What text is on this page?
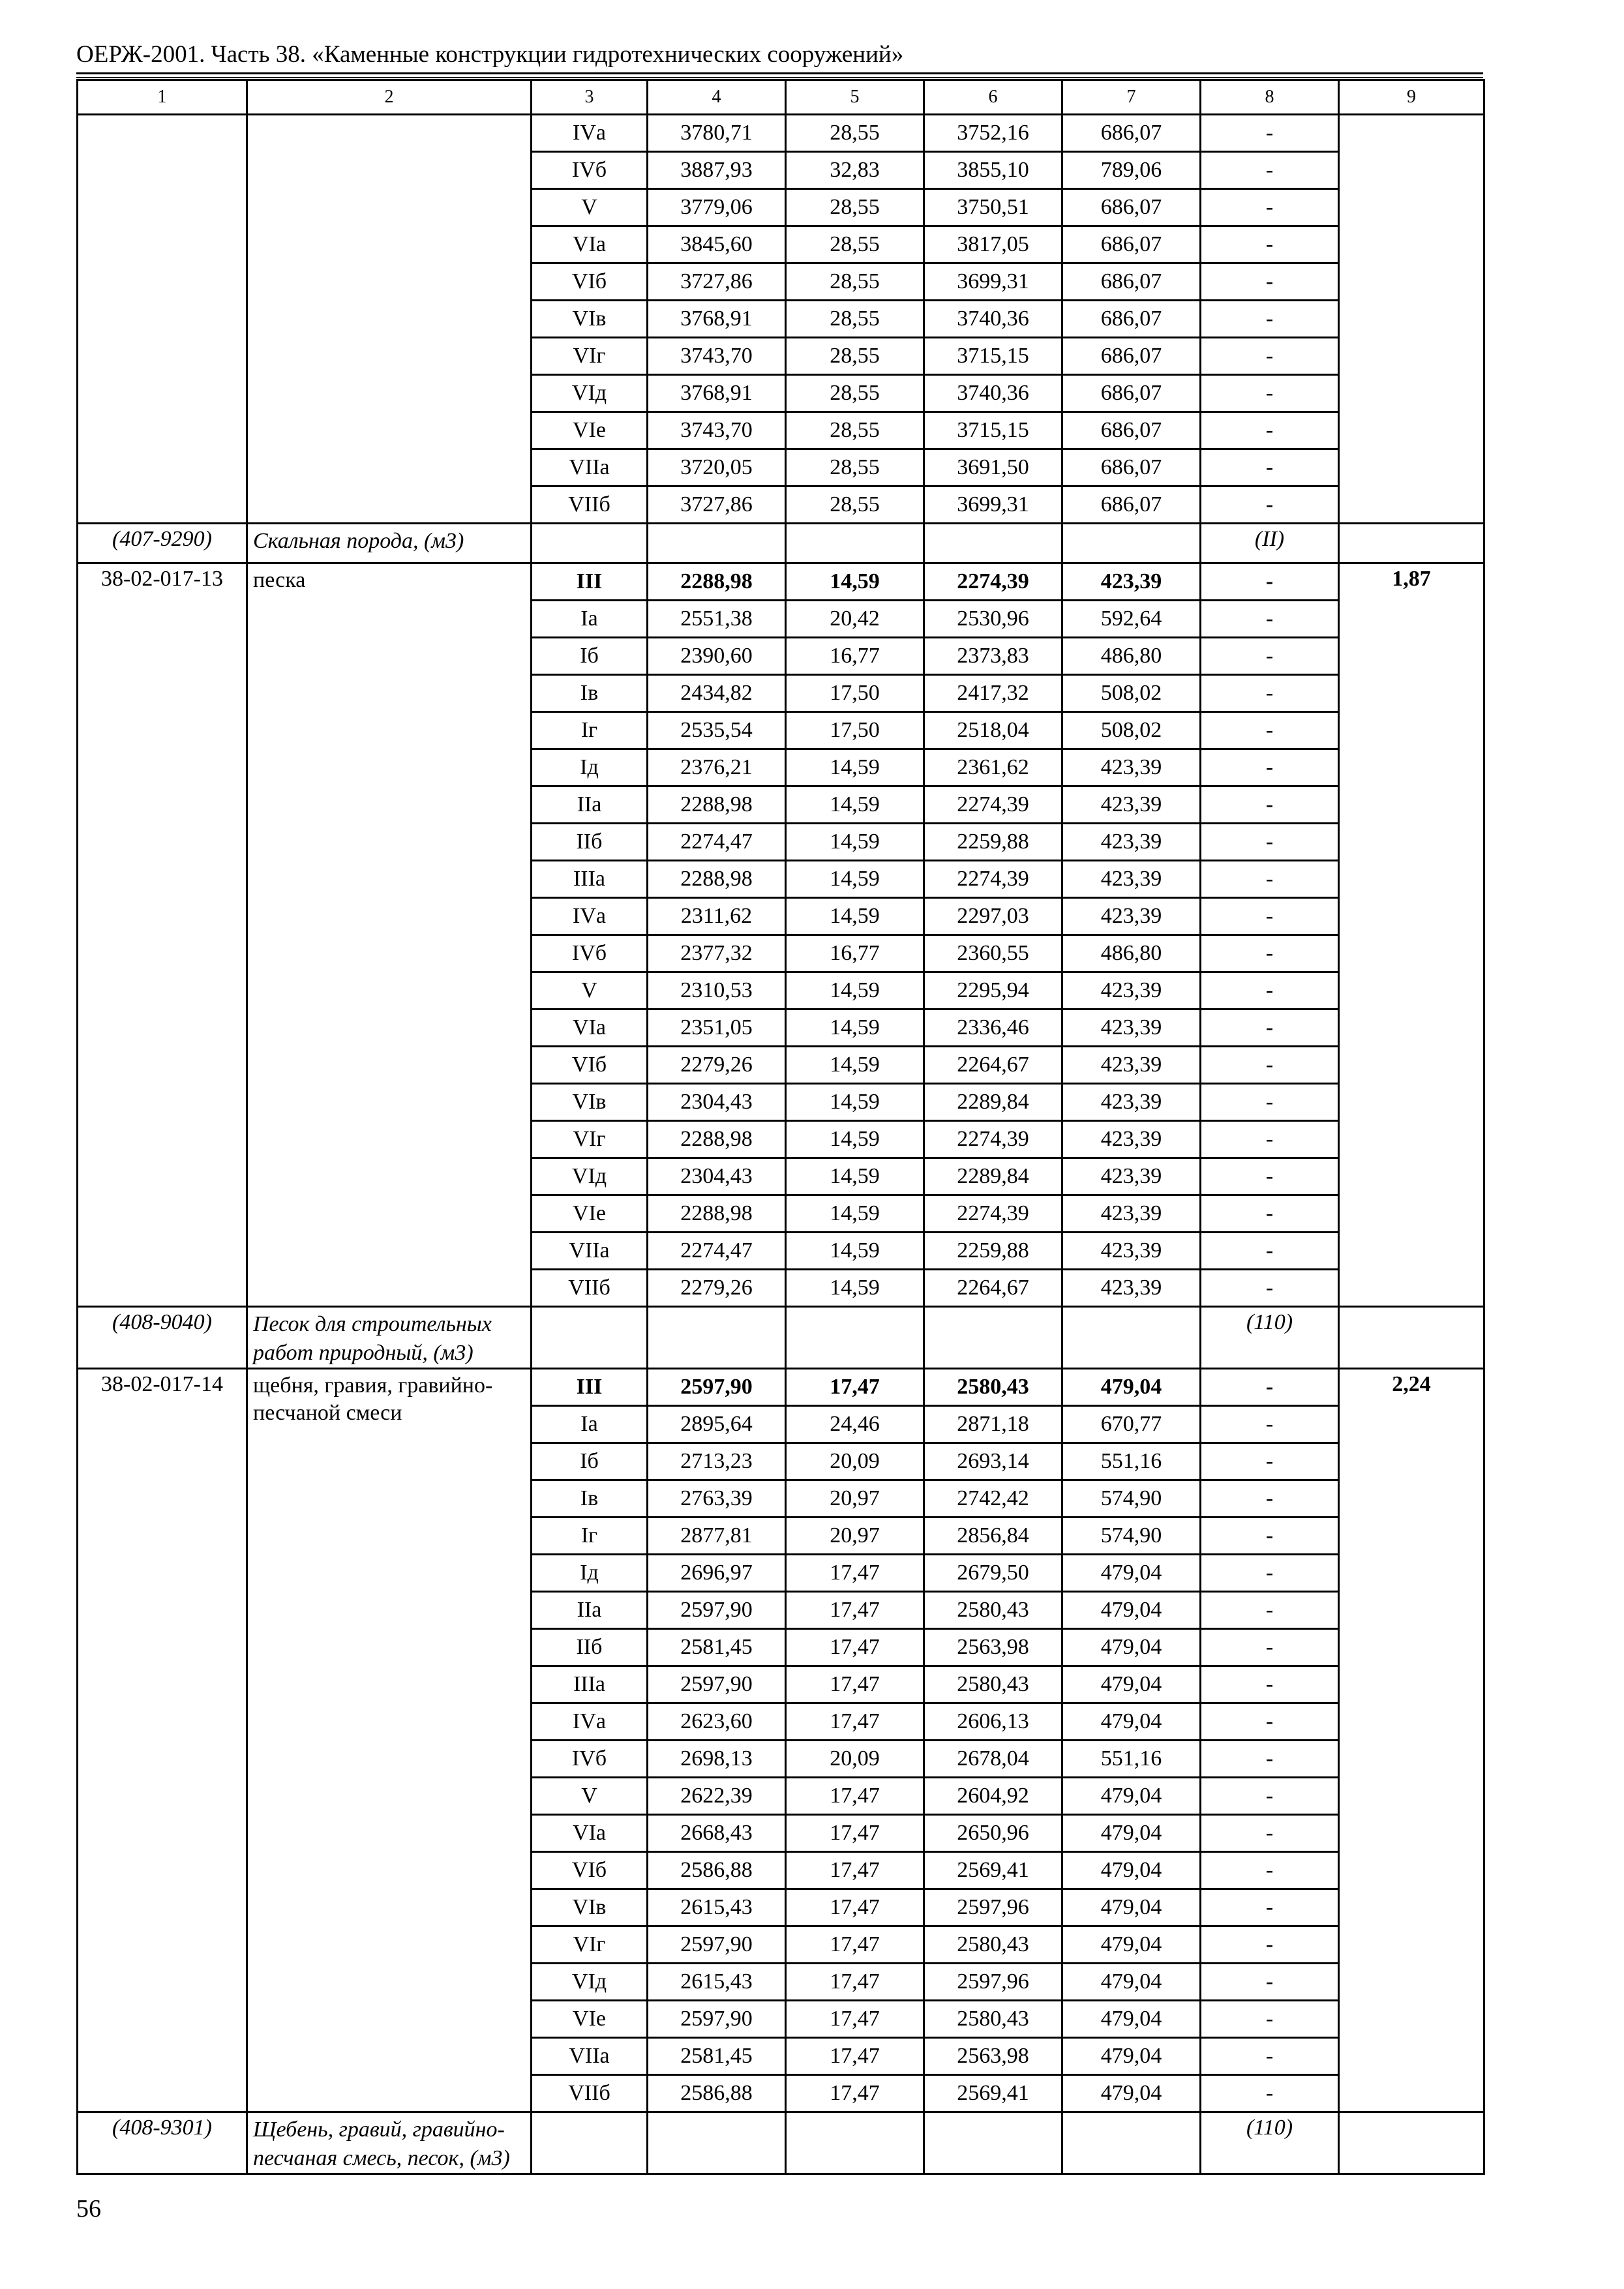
ОЕРЖ-2001. Часть 38. «Каменные конструкции гидротехнических сооружений»
1	2	3	4	5	6	7	8	9
		IVа	3780,71	28,55	3752,16	686,07	-	
		IVб	3887,93	32,83	3855,10	789,06	-	
		V	3779,06	28,55	3750,51	686,07	-	
		VIа	3845,60	28,55	3817,05	686,07	-	
		VIб	3727,86	28,55	3699,31	686,07	-	
		VIв	3768,91	28,55	3740,36	686,07	-	
		VIг	3743,70	28,55	3715,15	686,07	-	
		VIд	3768,91	28,55	3740,36	686,07	-	
		VIе	3743,70	28,55	3715,15	686,07	-	
		VIIа	3720,05	28,55	3691,50	686,07	-	
		VIIб	3727,86	28,55	3699,31	686,07	-	
(407-9290)	Скальная порода, (м3)						(II)	
38-02-017-13	песка	III	2288,98	14,59	2274,39	423,39	-	1,87
		Iа	2551,38	20,42	2530,96	592,64	-	
		Iб	2390,60	16,77	2373,83	486,80	-	
		Iв	2434,82	17,50	2417,32	508,02	-	
		Iг	2535,54	17,50	2518,04	508,02	-	
		Iд	2376,21	14,59	2361,62	423,39	-	
		IIа	2288,98	14,59	2274,39	423,39	-	
		IIб	2274,47	14,59	2259,88	423,39	-	
		IIIа	2288,98	14,59	2274,39	423,39	-	
		IVа	2311,62	14,59	2297,03	423,39	-	
		IVб	2377,32	16,77	2360,55	486,80	-	
		V	2310,53	14,59	2295,94	423,39	-	
		VIа	2351,05	14,59	2336,46	423,39	-	
		VIб	2279,26	14,59	2264,67	423,39	-	
		VIв	2304,43	14,59	2289,84	423,39	-	
		VIг	2288,98	14,59	2274,39	423,39	-	
		VIд	2304,43	14,59	2289,84	423,39	-	
		VIе	2288,98	14,59	2274,39	423,39	-	
		VIIа	2274,47	14,59	2259,88	423,39	-	
		VIIб	2279,26	14,59	2264,67	423,39	-	
(408-9040)	Песок для строительных работ природный, (м3)						(110)	
38-02-017-14	щебня, гравия, гравийно-песчаной смеси	III	2597,90	17,47	2580,43	479,04	-	2,24
		Iа	2895,64	24,46	2871,18	670,77	-	
		Iб	2713,23	20,09	2693,14	551,16	-	
		Iв	2763,39	20,97	2742,42	574,90	-	
		Iг	2877,81	20,97	2856,84	574,90	-	
		Iд	2696,97	17,47	2679,50	479,04	-	
		IIа	2597,90	17,47	2580,43	479,04	-	
		IIб	2581,45	17,47	2563,98	479,04	-	
		IIIа	2597,90	17,47	2580,43	479,04	-	
		IVа	2623,60	17,47	2606,13	479,04	-	
		IVб	2698,13	20,09	2678,04	551,16	-	
		V	2622,39	17,47	2604,92	479,04	-	
		VIа	2668,43	17,47	2650,96	479,04	-	
		VIб	2586,88	17,47	2569,41	479,04	-	
		VIв	2615,43	17,47	2597,96	479,04	-	
		VIг	2597,90	17,47	2580,43	479,04	-	
		VIд	2615,43	17,47	2597,96	479,04	-	
		VIе	2597,90	17,47	2580,43	479,04	-	
		VIIа	2581,45	17,47	2563,98	479,04	-	
		VIIб	2586,88	17,47	2569,41	479,04	-	
(408-9301)	Щебень, гравий, гравийно-песчаная смесь, песок, (м3)						(110)	
56
